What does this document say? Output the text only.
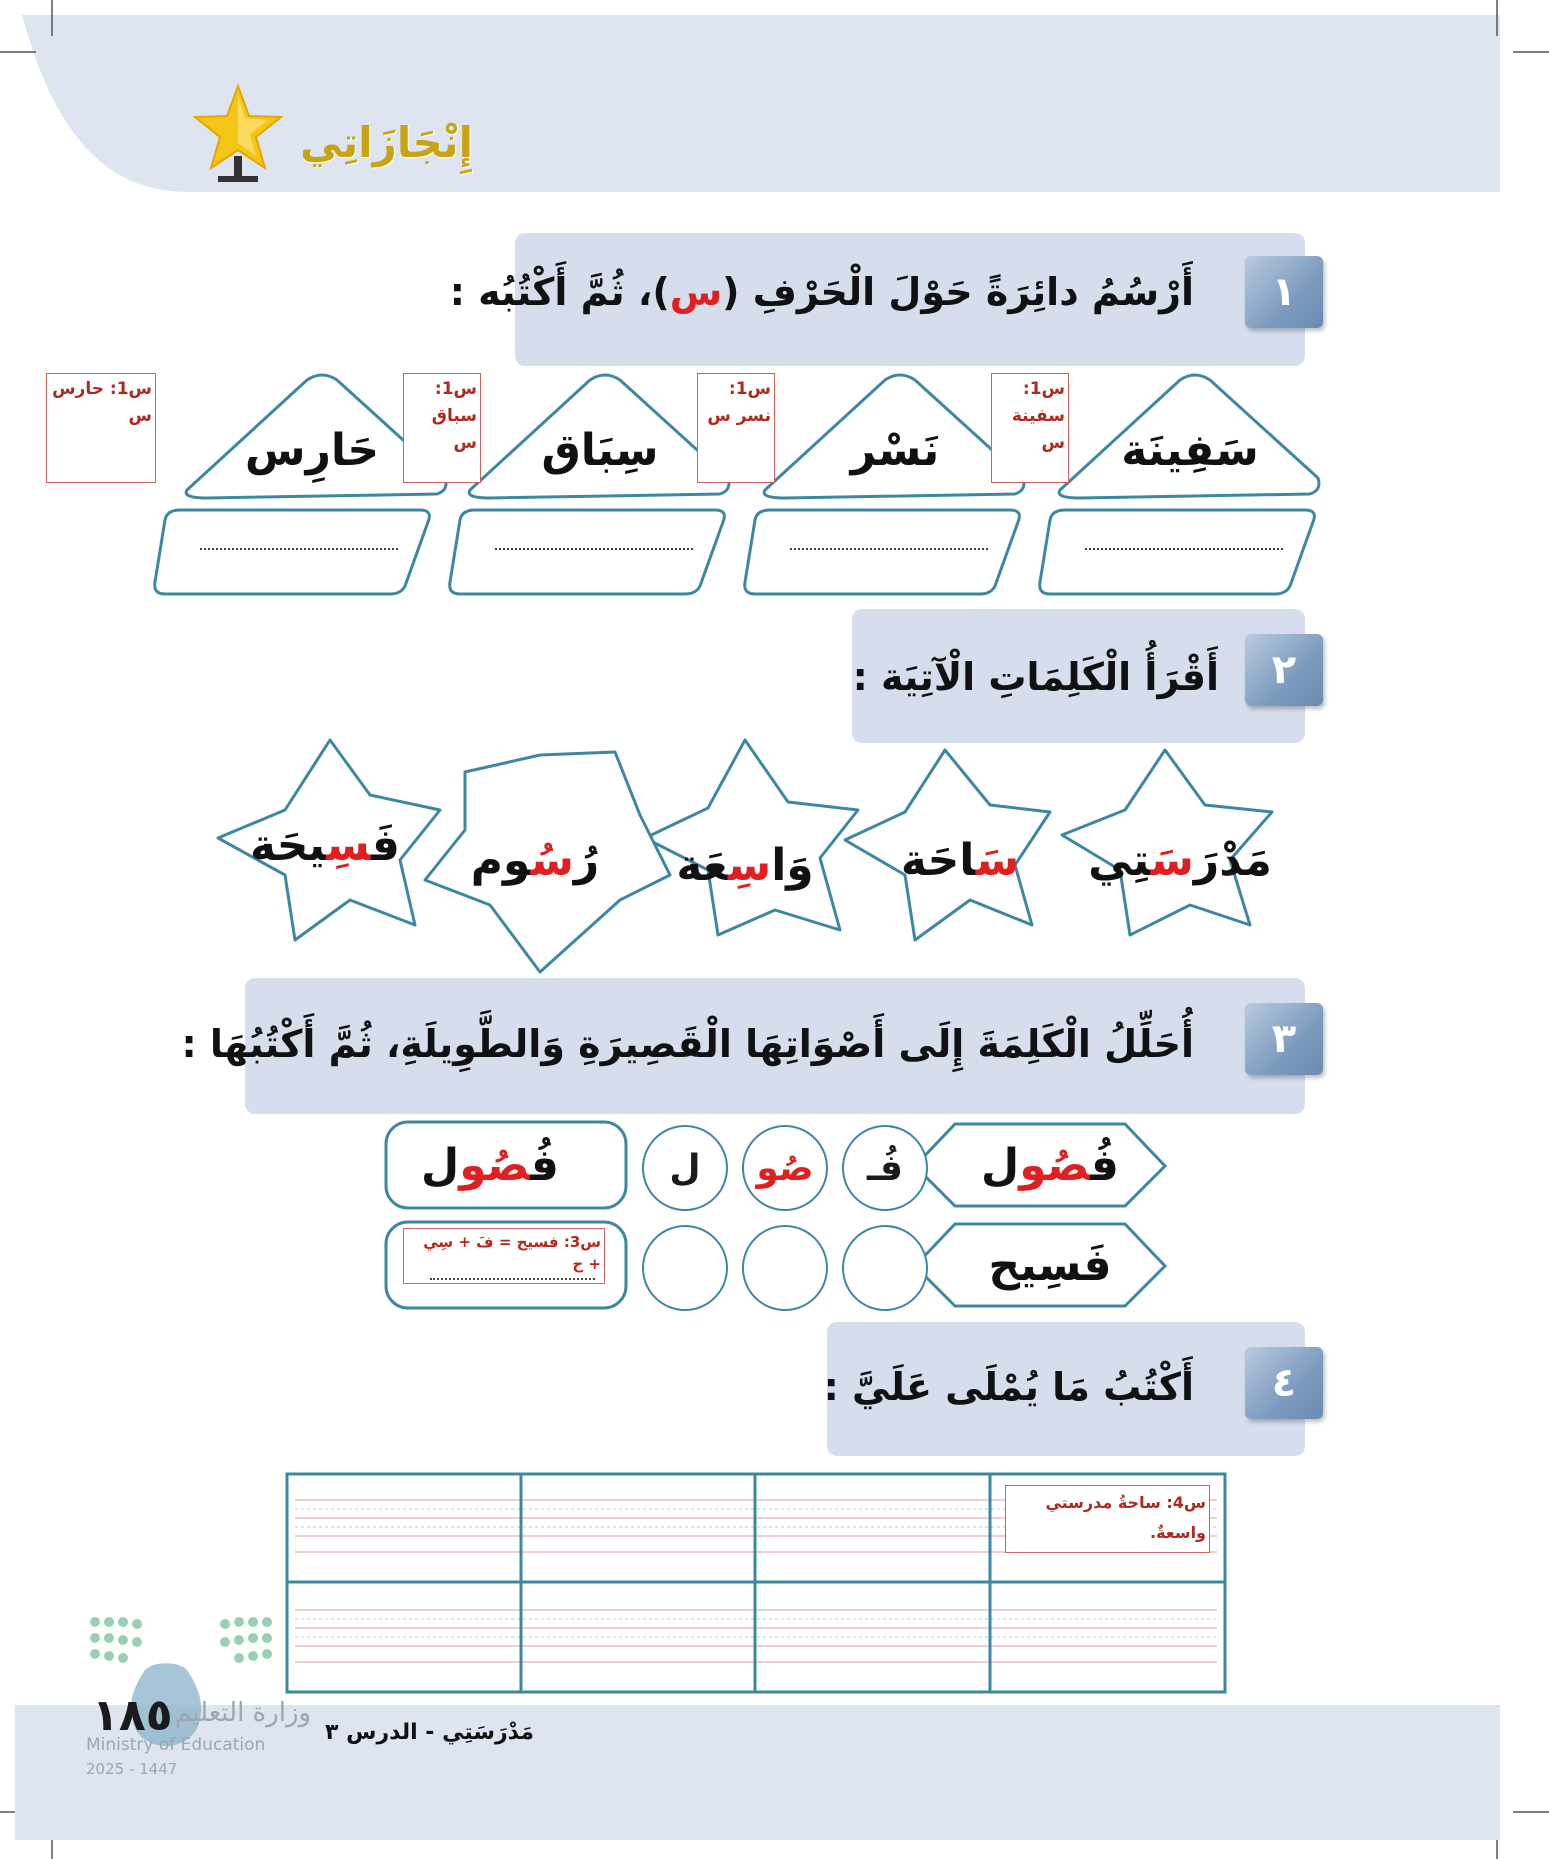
إِنْجَازَاتِي
١
أَرْسُمُ دائِرَةً حَوْلَ الْحَرْفِ (س)، ثُمَّ أَكْتُبُه :
سَفِينَة
نَسْر
سِبَاق
حَارِس
س1: سفينة س
س1: نسر س
س1: سباق س
س1: حارس س
٢
أَقْرَأُ الْكَلِمَاتِ الْآتِيَة :
مَدْرَسَتِي
سَاحَة
وَاسِعَة
رُسُوم
فَسِيحَة
٣
أُحَلِّلُ الْكَلِمَةَ إِلَى أَصْوَاتِهَا الْقَصِيرَةِ وَالطَّوِيلَةِ، ثُمَّ أَكْتُبُهَا :
فُصُول
فَسِيح
فُـ
صُو
ل
فُصُول
س3: فسيح = فَ + سِي + ح
٤
أَكْتُبُ مَا يُمْلَى عَلَيَّ :
س4: ساحةُ مدرستي واسعةٌ.
١٨٥ وزارة التعليم
Ministry of Education
2025 - 1447
مَدْرَسَتِي - الدرس ٣
